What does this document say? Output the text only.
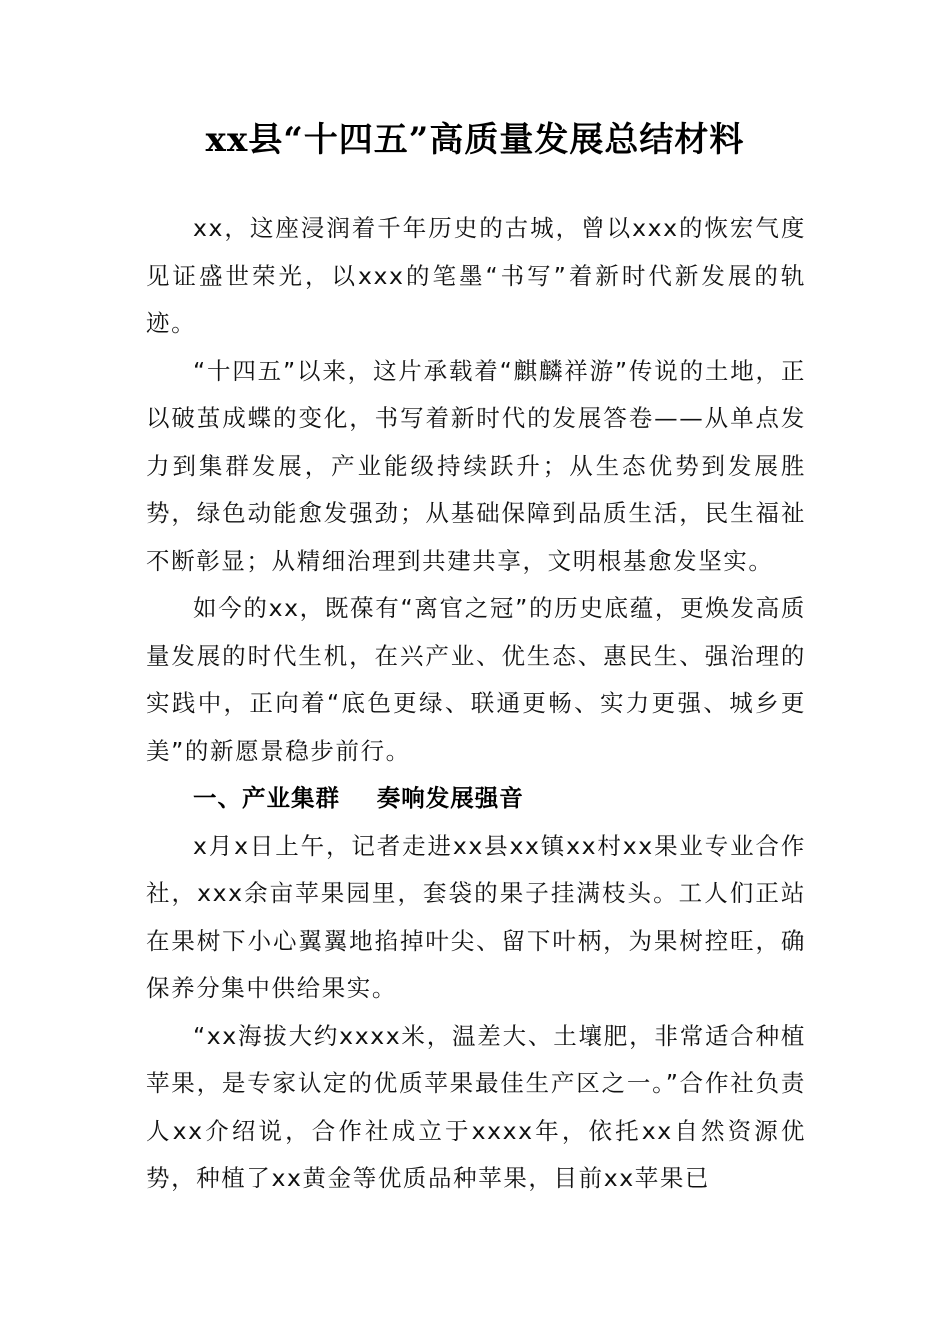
xx县“十四五”高质量发展总结材料

xx，这座浸润着千年历史的古城，曾以xxx的恢宏气度见证盛世荣光，以xxx的笔墨“书写”着新时代新发展的轨迹。

“十四五”以来，这片承载着“麒麟祥游”传说的土地，正以破茧成蝶的变化，书写着新时代的发展答卷——从单点发力到集群发展，产业能级持续跃升；从生态优势到发展胜势，绿色动能愈发强劲；从基础保障到品质生活，民生福祉不断彰显；从精细治理到共建共享，文明根基愈发坚实。

如今的xx，既葆有“离官之冠”的历史底蕴，更焕发高质量发展的时代生机，在兴产业、优生态、惠民生、强治理的实践中，正向着“底色更绿、联通更畅、实力更强、城乡更美”的新愿景稳步前行。

一、产业集群    奏响发展强音

x月x日上午，记者走进xx县xx镇xx村xx果业专业合作社，xxx余亩苹果园里，套袋的果子挂满枝头。工人们正站在果树下小心翼翼地掐掉叶尖、留下叶柄，为果树控旺，确保养分集中供给果实。

“xx海拔大约xxxx米，温差大、土壤肥，非常适合种植苹果，是专家认定的优质苹果最佳生产区之一。”合作社负责人xx介绍说，合作社成立于xxxx年，依托xx自然资源优势，种植了xx黄金等优质品种苹果，目前xx苹果已
